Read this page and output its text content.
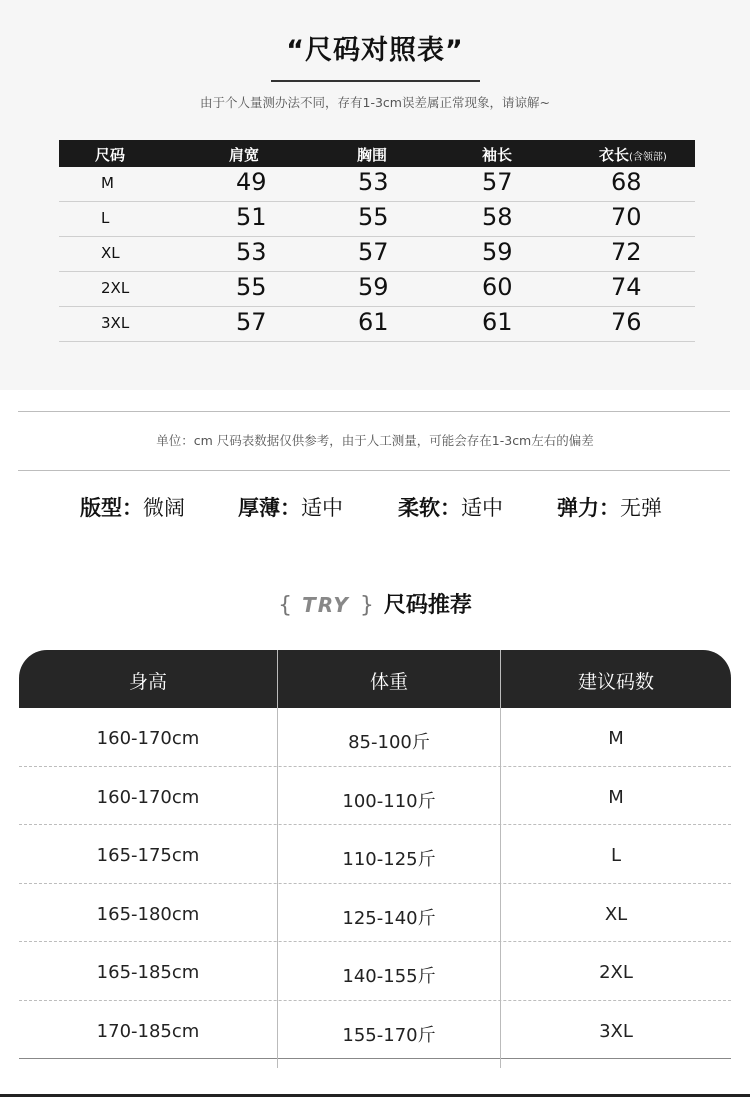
“尺码对照表”
由于个人量测办法不同，存有1-3cm误差属正常现象，请谅解~
尺码	肩宽	胸围	袖长	衣长(含领部)
M	49	53	57	68
L	51	55	58	70
XL	53	57	59	72
2XL	55	59	60	74
3XL	57	61	61	76
单位：cm 尺码表数据仅供参考，由于人工测量，可能会存在1-3cm左右的偏差
版型：微阔	厚薄：适中	柔软：适中	弹力：无弹
{ TRY } 尺码推荐
身高	体重	建议码数
160-170cm	85-100斤	M
160-170cm	100-110斤	M
165-175cm	110-125斤	L
165-180cm	125-140斤	XL
165-185cm	140-155斤	2XL
170-185cm	155-170斤	3XL
